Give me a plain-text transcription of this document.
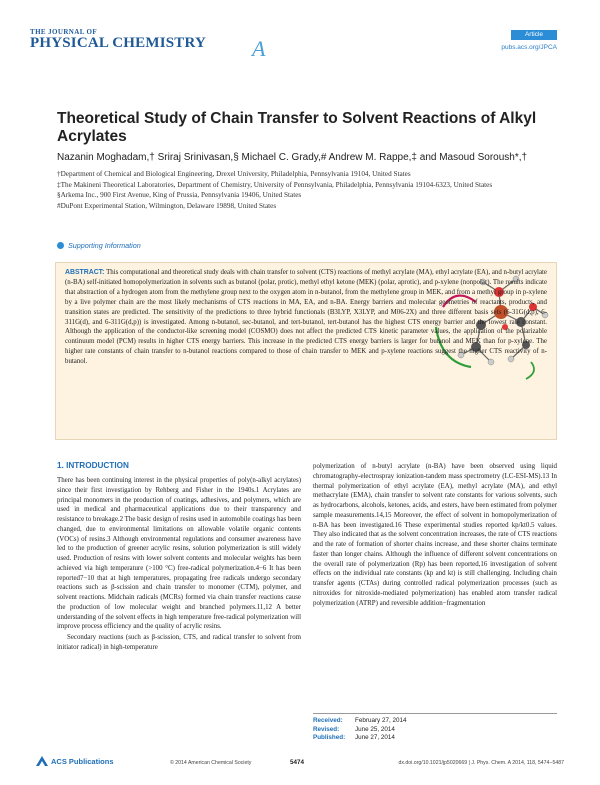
THE JOURNAL OF
PHYSICAL CHEMISTRY A
Article
pubs.acs.org/JPCA
Theoretical Study of Chain Transfer to Solvent Reactions of Alkyl Acrylates
Nazanin Moghadam,† Sriraj Srinivasan,§ Michael C. Grady,# Andrew M. Rappe,‡ and Masoud Soroush*,†
†Department of Chemical and Biological Engineering, Drexel University, Philadelphia, Pennsylvania 19104, United States
‡The Makineni Theoretical Laboratories, Department of Chemistry, University of Pennsylvania, Philadelphia, Pennsylvania 19104-6323, United States
§Arkema Inc., 900 First Avenue, King of Prussia, Pennsylvania 19406, United States
#DuPont Experimental Station, Wilmington, Delaware 19898, United States
Supporting Information
ABSTRACT: This computational and theoretical study deals with chain transfer to solvent (CTS) reactions of methyl acrylate (MA), ethyl acrylate (EA), and n-butyl acrylate (n-BA) self-initiated homopolymerization in solvents such as butanol (polar, protic), methyl ethyl ketone (MEK) (polar, aprotic), and p-xylene (nonpolar). The results indicate that abstraction of a hydrogen atom from the methylene group next to the oxygen atom in n-butanol, from the methylene group in MEK, and from a methyl group in p-xylene by a live polymer chain are the most likely mechanisms of CTS reactions in MA, EA, and n-BA. Energy barriers and molecular geometries of reactants, products, and transition states are predicted. The sensitivity of the predictions to three hybrid functionals (B3LYP, X3LYP, and M06-2X) and three different basis sets (6-31G(d,p), 6-311G(d), and 6-311G(d,p)) is investigated. Among n-butanol, sec-butanol, and tert-butanol, tert-butanol has the highest CTS energy barrier and the lowest rate constant. Although the application of the conductor-like screening model (COSMO) does not affect the predicted CTS kinetic parameter values, the application of the polarizable continuum model (PCM) results in higher CTS energy barriers. This increase in the predicted CTS energy barriers is larger for butanol and MEK than for p-xylene. The higher rate constants of chain transfer to n-butanol reactions compared to those of chain transfer to MEK and p-xylene reactions suggest the higher CTS reactivity of n-butanol.
1. INTRODUCTION
There has been continuing interest in the physical properties of poly(n-alkyl acrylates) since their first investigation by Rehberg and Fisher in the 1940s.1 Acrylates are principal monomers in the production of coatings, adhesives, and polymers, which are used in medical and pharmaceutical applications due to their transparency and resistance to breakage.2 The basic design of resins used in automobile coatings has been changed, due to environmental limitations on allowable volatile organic contents (VOCs) of resins.3 Although environmental regulations and consumer awareness have led to the production of greener acrylic resins, solution polymerization is still widely used. Production of resins with lower solvent contents and molecular weights has been achieved via high temperature (>100 °C) free-radical polymerization.4−6 It has been reported7−10 that at high temperatures, propagating free radicals undergo secondary reactions such as β-scission and chain transfer to monomer (CTM), polymer, and solvent reactions. Midchain radicals (MCRs) formed via chain transfer reactions cause the production of low molecular weight and branched polymers.11,12 A better understanding of the solvent effects in high temperature free-radical polymerization will improve process efficiency and the quality of acrylic resins.
Secondary reactions (such as β-scission, CTS, and radical transfer to solvent from initiator radical) in high-temperature
polymerization of n-butyl acrylate (n-BA) have been observed using liquid chromatography-electrospray ionization-tandem mass spectrometry (LC-ESI-MS).13 In thermal polymerization of ethyl acrylate (EA), methyl acrylate (MA), and ethyl methacrylate (EMA), chain transfer to solvent rate constants for various solvents, such as hydrocarbons, alcohols, ketones, acids, and esters, have been estimated from polymer sample measurements.14,15 Moreover, the effect of solvent in homopolymerization of n-BA has been investigated.16 These experimental studies reported kp/kt0.5 values. They also indicated that as the solvent concentration increases, the rate of CTS reactions and the rate of formation of shorter chains increase, and these shorter chains terminate faster than longer chains. Although the influence of different solvent concentrations on the overall rate of polymerization (Rp) has been reported,16 investigation of solvent effects on the individual rate constants (kp and kt) is still challenging. Including chain transfer agents (CTAs) during controlled radical polymerization processes (such as nitroxides for nitroxide-mediated polymerization) has enabled atom transfer radical polymerization (ATRP) and reversible addition−fragmentation
Received: February 27, 2014
Revised:	June 25, 2014
Published: June 27, 2014
ACS Publications	© 2014 American Chemical Society	5474	dx.doi.org/10.1021/jp5020669 | J. Phys. Chem. A 2014, 118, 5474−5487
